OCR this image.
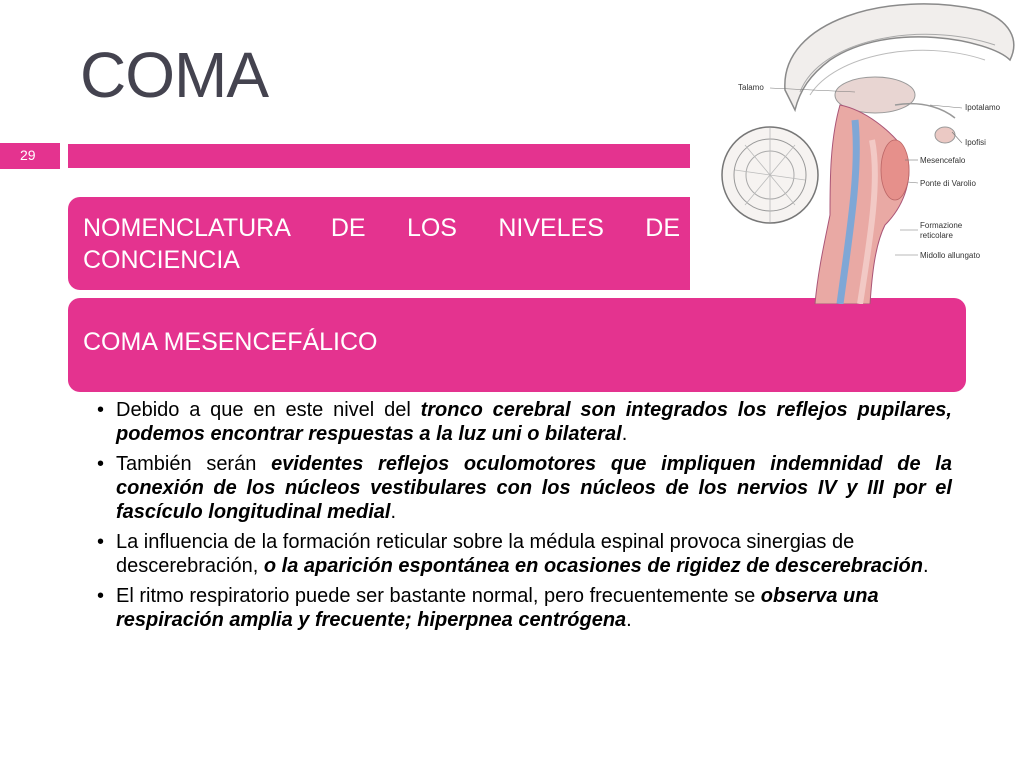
COMA
29
NOMENCLATURA DE LOS NIVELES DE CONCIENCIA
COMA MESENCEFÁLICO
• Debido a que en este nivel del tronco cerebral son integrados los reflejos pupilares, podemos encontrar respuestas a la luz uni o bilateral.
• También serán evidentes reflejos oculomotores que impliquen indemnidad de la conexión de los núcleos vestibulares con los núcleos de los nervios IV y III por el fascículo longitudinal medial.
• La influencia de la formación reticular sobre la médula espinal provoca sinergias de descerebración, o la aparición espontánea en ocasiones de rigidez de descerebración.
• El ritmo respiratorio puede ser bastante normal, pero frecuentemente se observa una respiración amplia y frecuente; hiperpnea centrógena.
Talamo
Ipotalamo
Ipofisi
Mesencefalo
Ponte di Varolio
Formazione
reticolare
Midollo allungato
